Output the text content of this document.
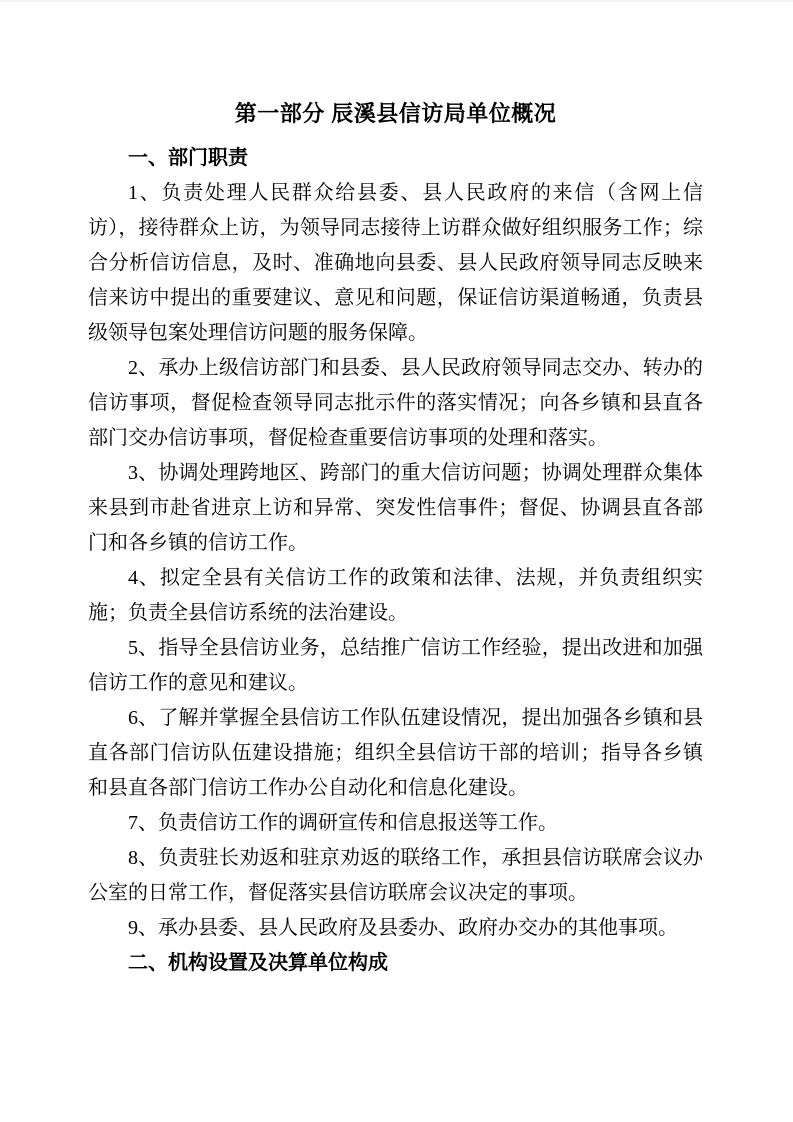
第一部分 辰溪县信访局单位概况
一、部门职责

1、负责处理人民群众给县委、县人民政府的来信（含网上信访），接待群众上访，为领导同志接待上访群众做好组织服务工作；综合分析信访信息，及时、准确地向县委、县人民政府领导同志反映来信来访中提出的重要建议、意见和问题，保证信访渠道畅通，负责县级领导包案处理信访问题的服务保障。

2、承办上级信访部门和县委、县人民政府领导同志交办、转办的信访事项，督促检查领导同志批示件的落实情况；向各乡镇和县直各部门交办信访事项，督促检查重要信访事项的处理和落实。

3、协调处理跨地区、跨部门的重大信访问题；协调处理群众集体来县到市赴省进京上访和异常、突发性信事件；督促、协调县直各部门和各乡镇的信访工作。

4、拟定全县有关信访工作的政策和法律、法规，并负责组织实施；负责全县信访系统的法治建设。

5、指导全县信访业务，总结推广信访工作经验，提出改进和加强信访工作的意见和建议。

6、了解并掌握全县信访工作队伍建设情况，提出加强各乡镇和县直各部门信访队伍建设措施；组织全县信访干部的培训；指导各乡镇和县直各部门信访工作办公自动化和信息化建设。

7、负责信访工作的调研宣传和信息报送等工作。

8、负责驻长劝返和驻京劝返的联络工作，承担县信访联席会议办公室的日常工作，督促落实县信访联席会议决定的事项。

9、承办县委、县人民政府及县委办、政府办交办的其他事项。

二、机构设置及决算单位构成
